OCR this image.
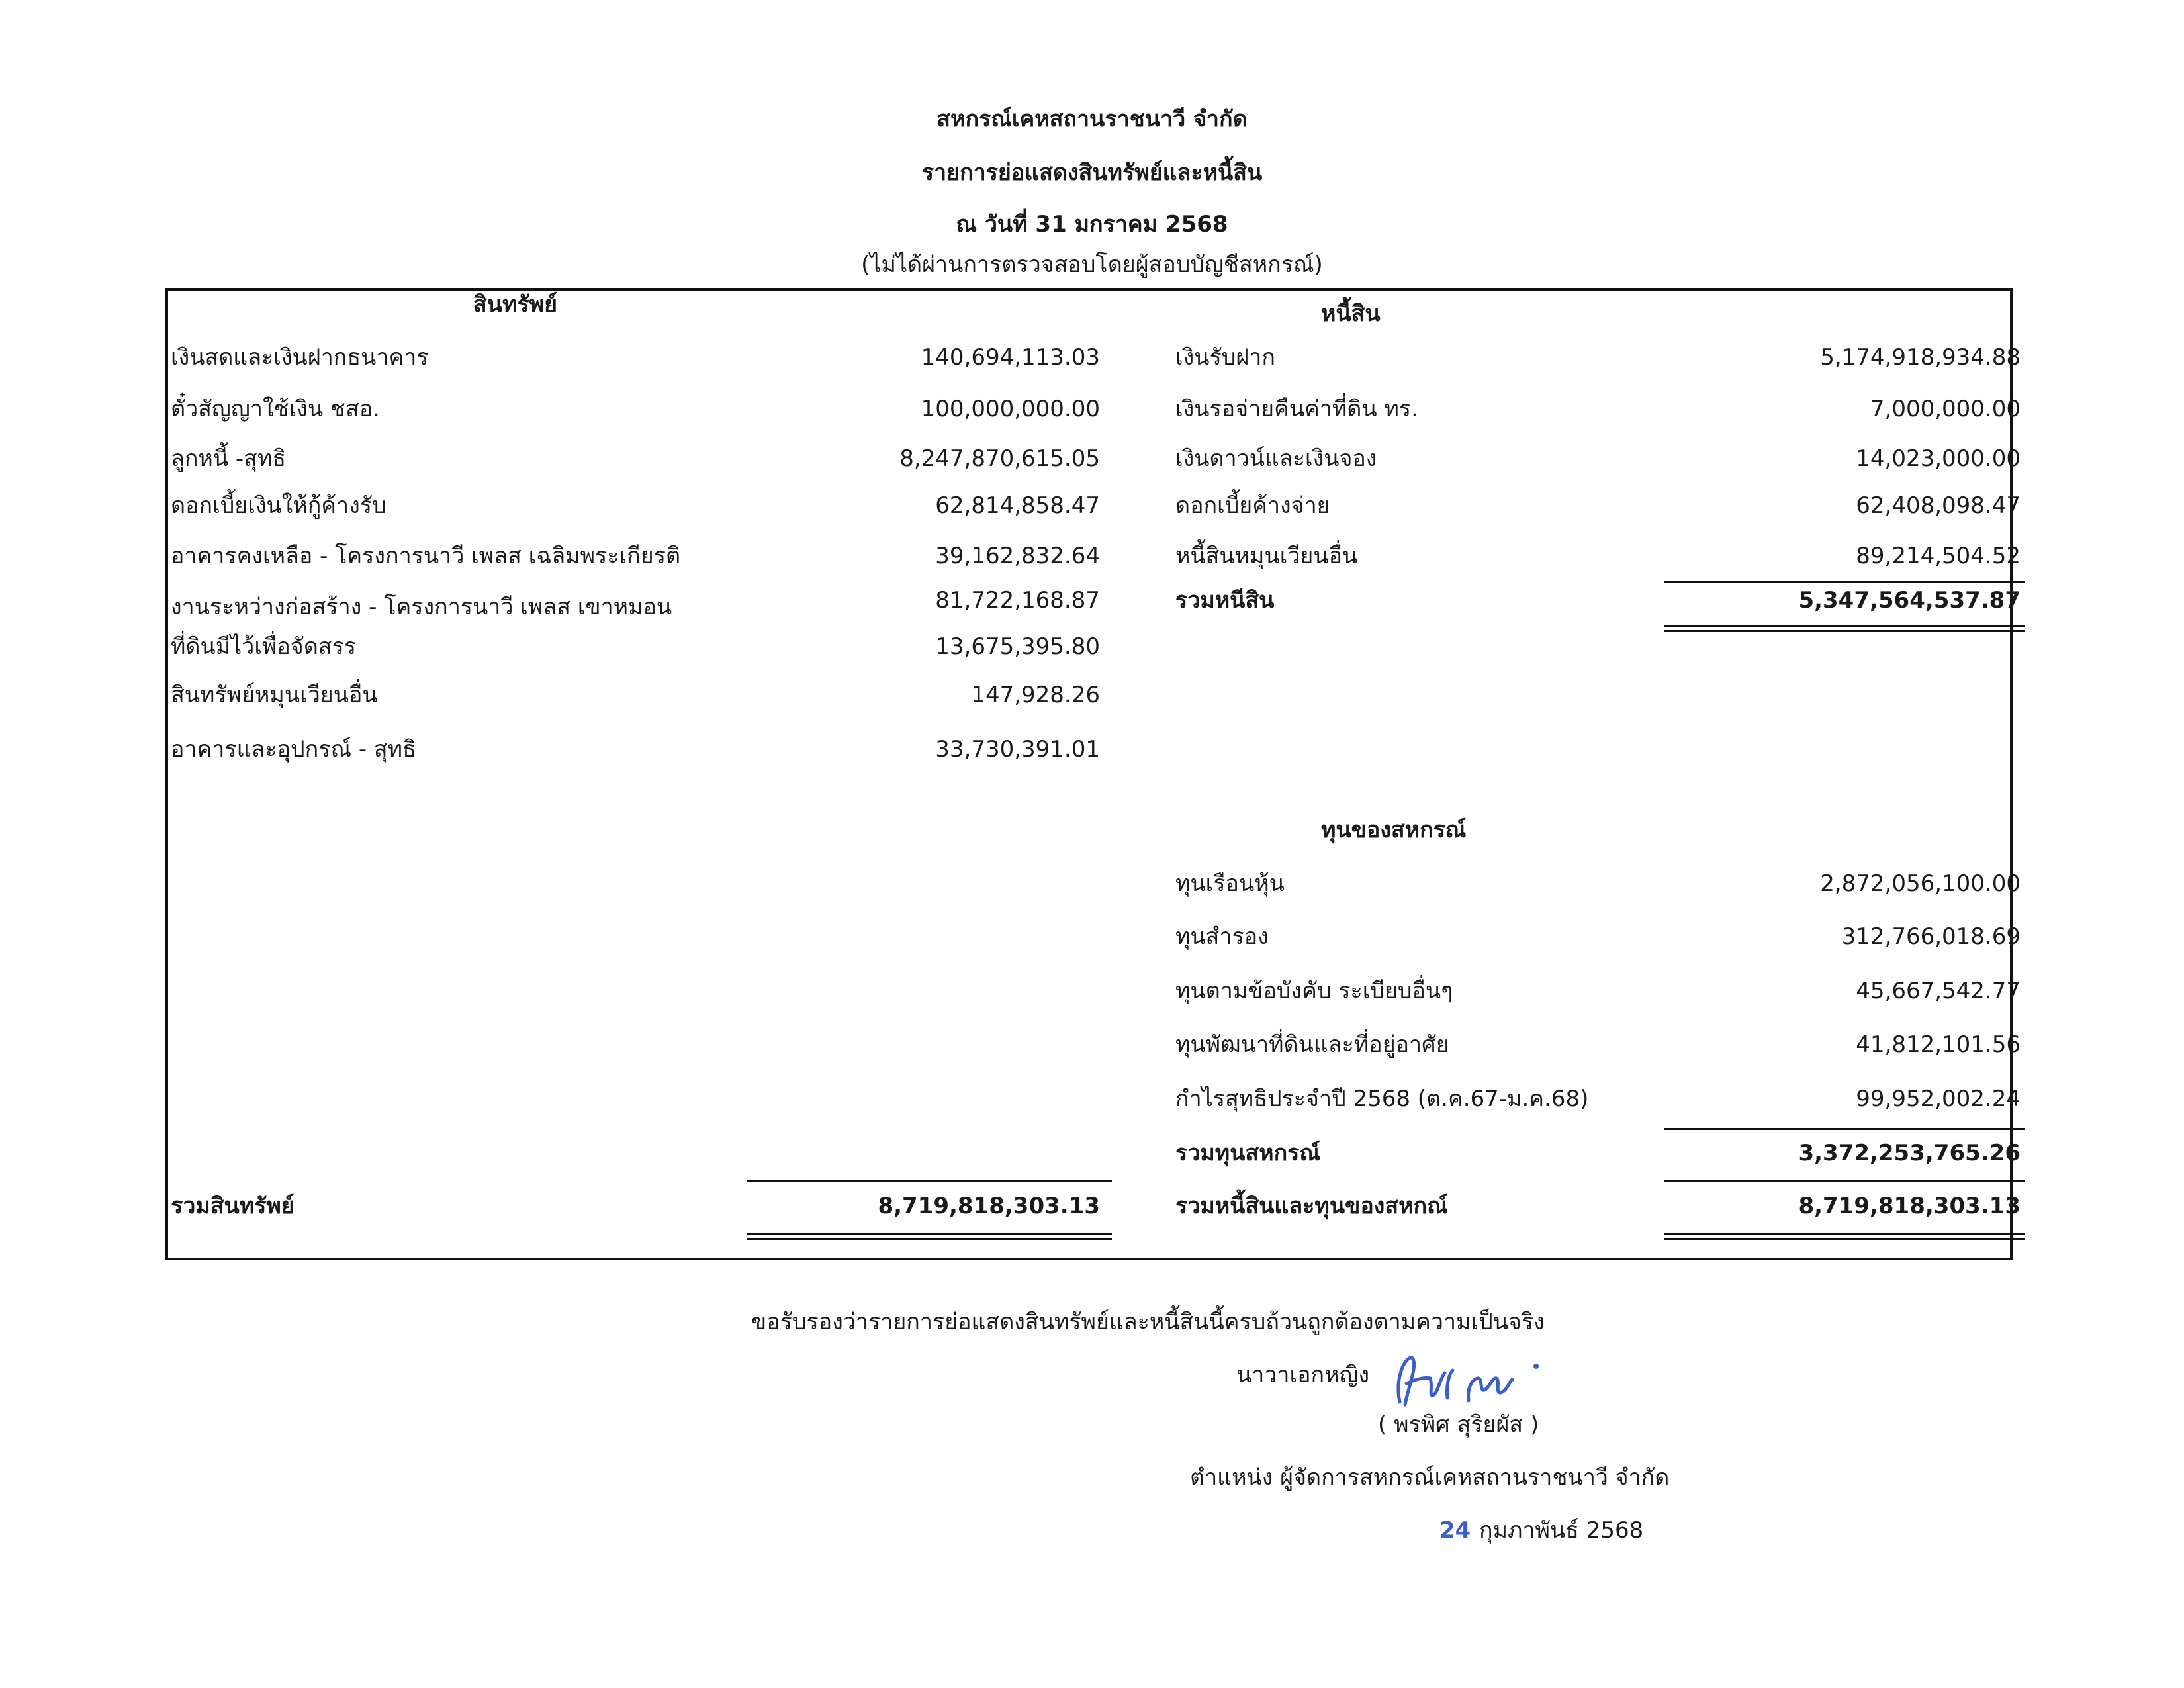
สหกรณ์เคหสถานราชนาวี จำกัด
รายการย่อแสดงสินทรัพย์และหนี้สิน
ณ วันที่ 31 มกราคม 2568
(ไม่ได้ผ่านการตรวจสอบโดยผู้สอบบัญชีสหกรณ์)
สินทรัพย์	หนี้สิน
ทุนของสหกรณ์
เงินสดและเงินฝากธนาคาร	140,694,113.03
ตั๋วสัญญาใช้เงิน ชสอ.	100,000,000.00
ลูกหนี้ -สุทธิ	8,247,870,615.05
ดอกเบี้ยเงินให้กู้ค้างรับ	62,814,858.47
อาคารคงเหลือ - โครงการนาวี เพลส เฉลิมพระเกียรติ	39,162,832.64
งานระหว่างก่อสร้าง - โครงการนาวี เพลส เขาหมอน	81,722,168.87
ที่ดินมีไว้เพื่อจัดสรร	13,675,395.80
สินทรัพย์หมุนเวียนอื่น	147,928.26
อาคารและอุปกรณ์ - สุทธิ	33,730,391.01
เงินรับฝาก	5,174,918,934.88
เงินรอจ่ายคืนค่าที่ดิน ทร.	7,000,000.00
เงินดาวน์และเงินจอง	14,023,000.00
ดอกเบี้ยค้างจ่าย	62,408,098.47
หนี้สินหมุนเวียนอื่น	89,214,504.52
รวมหนีสิน	5,347,564,537.87
ทุนเรือนหุ้น	2,872,056,100.00
ทุนสำรอง	312,766,018.69
ทุนตามข้อบังคับ ระเบียบอื่นๆ	45,667,542.77
ทุนพัฒนาที่ดินและที่อยู่อาศัย	41,812,101.56
กำไรสุทธิประจำปี 2568 (ต.ค.67-ม.ค.68)	99,952,002.24
รวมทุนสหกรณ์	3,372,253,765.26
รวมหนี้สินและทุนของสหกณ์	8,719,818,303.13
รวมสินทรัพย์	8,719,818,303.13
ขอรับรองว่ารายการย่อแสดงสินทรัพย์และหนี้สินนี้ครบถ้วนถูกต้องตามความเป็นจริง
นาวาเอกหญิง
( พรพิศ สุริยผัส )
ตำแหน่ง ผู้จัดการสหกรณ์เคหสถานราชนาวี จำกัด
24 กุมภาพันธ์ 2568
